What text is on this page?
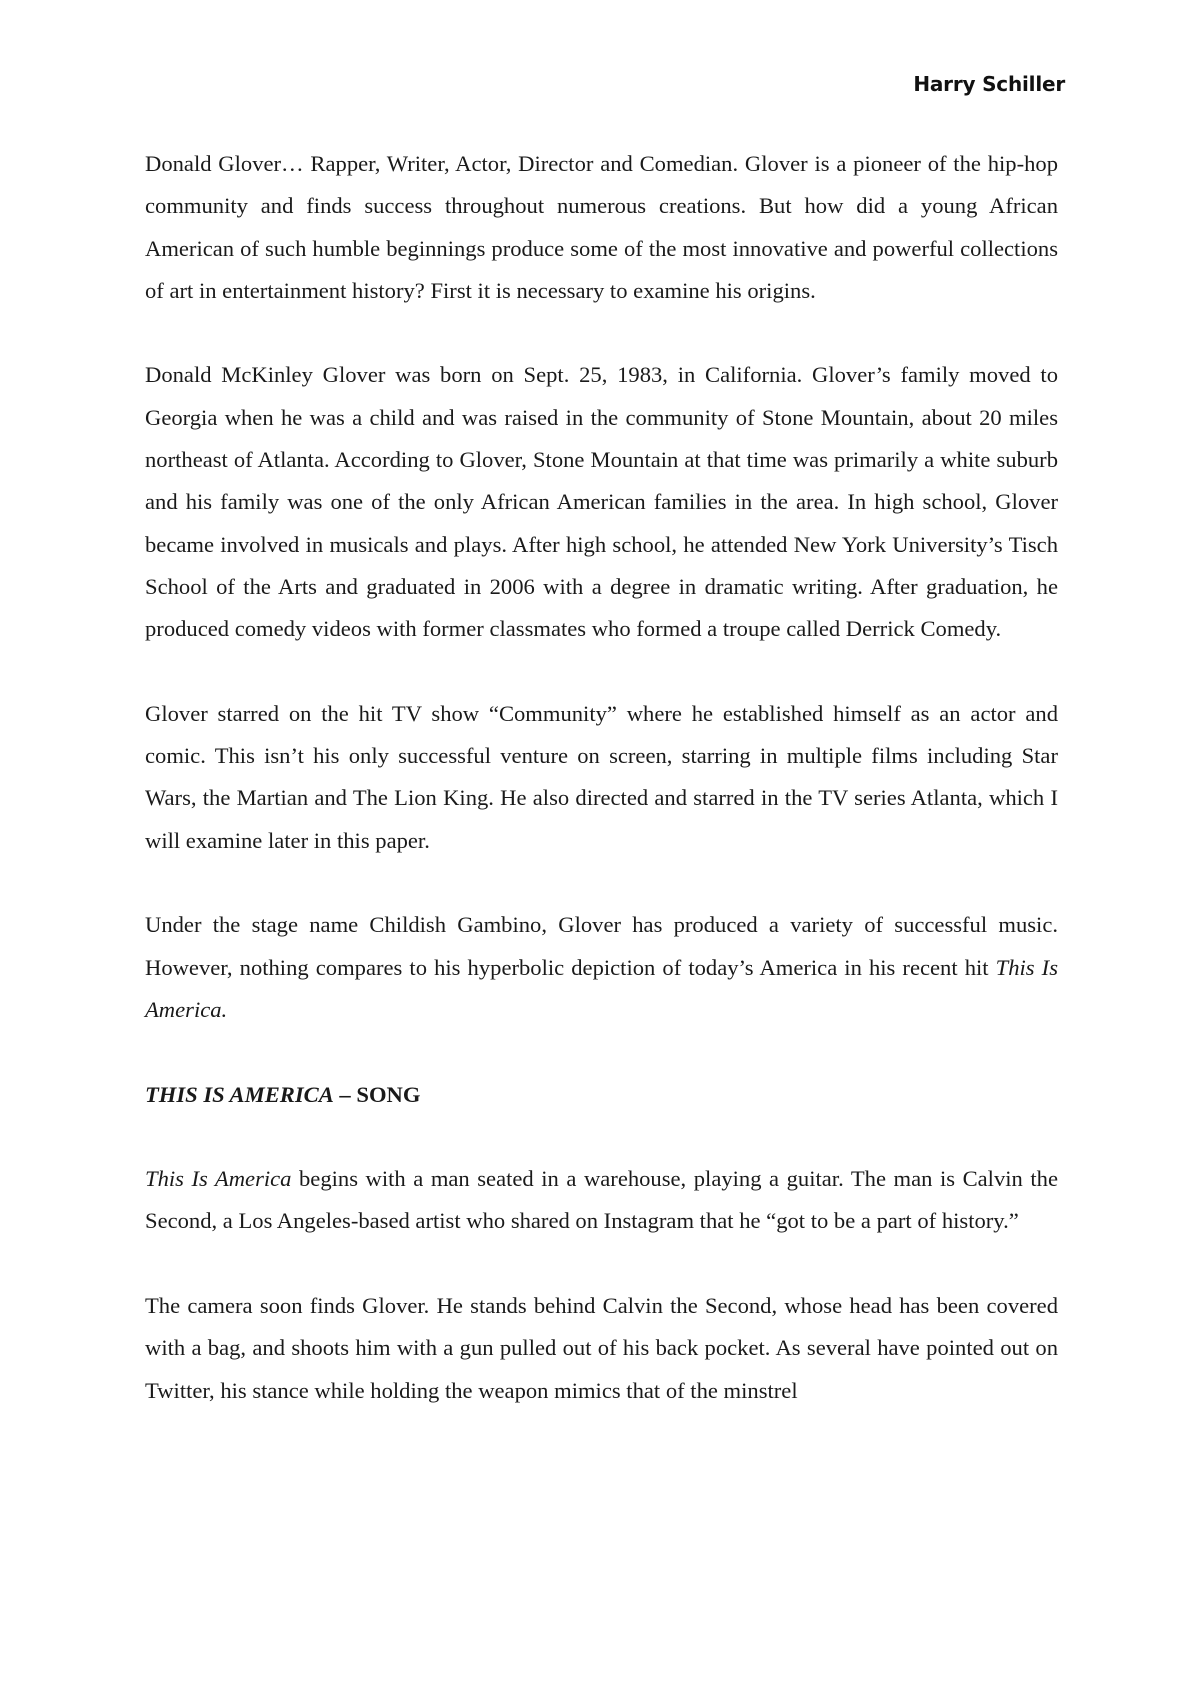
Harry Schiller

Donald Glover… Rapper, Writer, Actor, Director and Comedian. Glover is a pioneer of the hip-hop community and finds success throughout numerous creations. But how did a young African American of such humble beginnings produce some of the most innovative and powerful collections of art in entertainment history? First it is necessary to examine his origins.

Donald McKinley Glover was born on Sept. 25, 1983, in California. Glover’s family moved to Georgia when he was a child and was raised in the community of Stone Mountain, about 20 miles northeast of Atlanta. According to Glover, Stone Mountain at that time was primarily a white suburb and his family was one of the only African American families in the area. In high school, Glover became involved in musicals and plays. After high school, he attended New York University’s Tisch School of the Arts and graduated in 2006 with a degree in dramatic writing. After graduation, he produced comedy videos with former classmates who formed a troupe called Derrick Comedy.

Glover starred on the hit TV show “Community” where he established himself as an actor and comic. This isn’t his only successful venture on screen, starring in multiple films including Star Wars, the Martian and The Lion King. He also directed and starred in the TV series Atlanta, which I will examine later in this paper.

Under the stage name Childish Gambino, Glover has produced a variety of successful music. However, nothing compares to his hyperbolic depiction of today’s America in his recent hit This Is America.

THIS IS AMERICA – SONG

This Is America begins with a man seated in a warehouse, playing a guitar. The man is Calvin the Second, a Los Angeles-based artist who shared on Instagram that he “got to be a part of history.”

The camera soon finds Glover. He stands behind Calvin the Second, whose head has been covered with a bag, and shoots him with a gun pulled out of his back pocket. As several have pointed out on Twitter, his stance while holding the weapon mimics that of the minstrel
